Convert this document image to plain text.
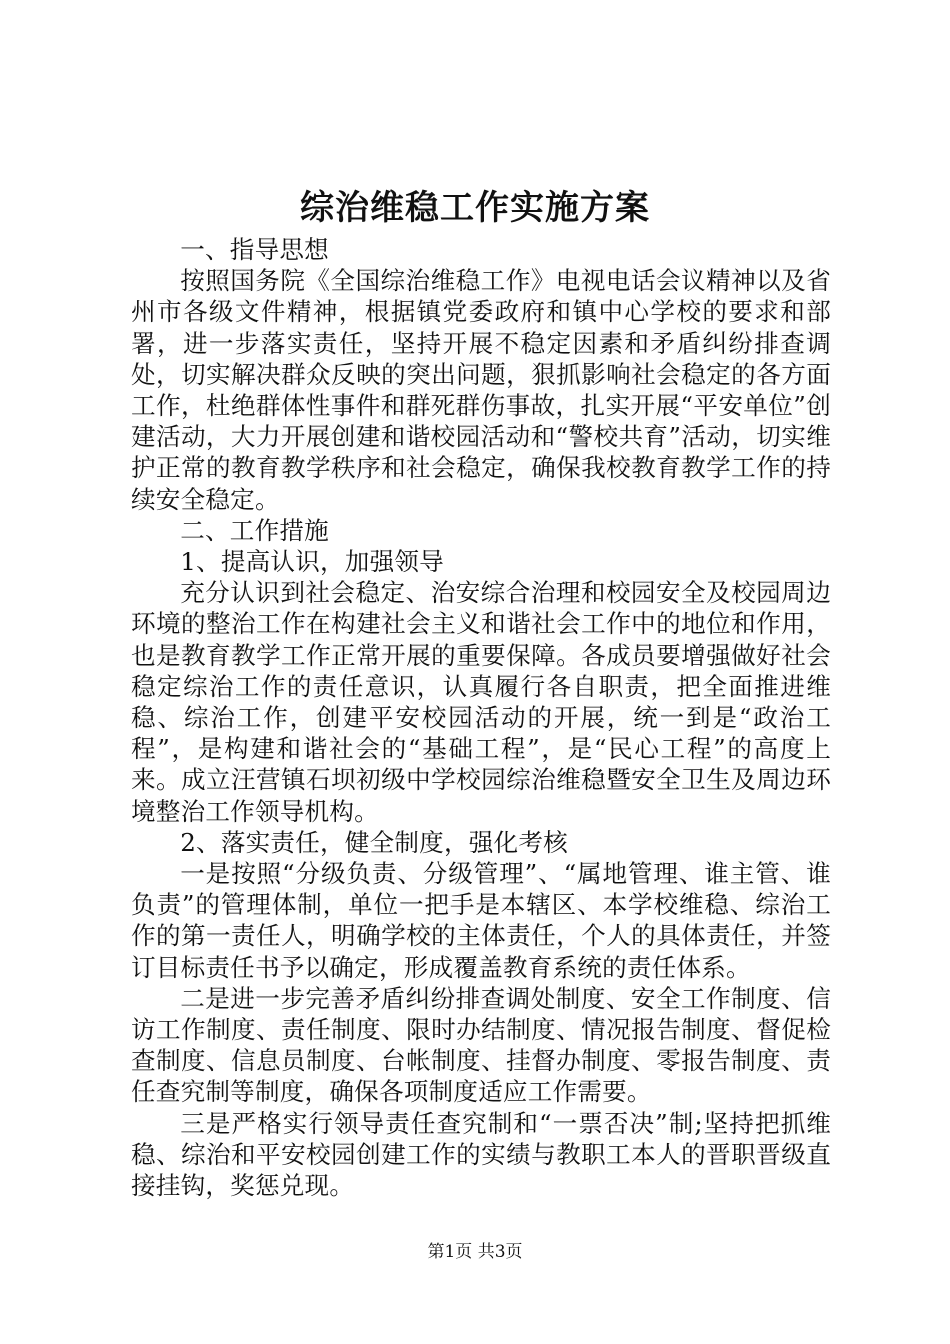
综治维稳工作实施方案

一、指导思想

按照国务院《全国综治维稳工作》电视电话会议精神以及省州市各级文件精神，根据镇党委政府和镇中心学校的要求和部署，进一步落实责任，坚持开展不稳定因素和矛盾纠纷排查调处，切实解决群众反映的突出问题，狠抓影响社会稳定的各方面工作，杜绝群体性事件和群死群伤事故，扎实开展“平安单位”创建活动，大力开展创建和谐校园活动和“警校共育”活动，切实维护正常的教育教学秩序和社会稳定，确保我校教育教学工作的持续安全稳定。

二、工作措施

1、提高认识，加强领导

充分认识到社会稳定、治安综合治理和校园安全及校园周边环境的整治工作在构建社会主义和谐社会工作中的地位和作用，也是教育教学工作正常开展的重要保障。各成员要增强做好社会稳定综治工作的责任意识，认真履行各自职责，把全面推进维稳、综治工作，创建平安校园活动的开展，统一到是“政治工程”，是构建和谐社会的“基础工程”，是“民心工程”的高度上来。成立汪营镇石坝初级中学校园综治维稳暨安全卫生及周边环境整治工作领导机构。

2、落实责任，健全制度，强化考核

一是按照“分级负责、分级管理”、“属地管理、谁主管、谁负责”的管理体制，单位一把手是本辖区、本学校维稳、综治工作的第一责任人，明确学校的主体责任，个人的具体责任，并签订目标责任书予以确定，形成覆盖教育系统的责任体系。

二是进一步完善矛盾纠纷排查调处制度、安全工作制度、信访工作制度、责任制度、限时办结制度、情况报告制度、督促检查制度、信息员制度、台帐制度、挂督办制度、零报告制度、责任查究制等制度，确保各项制度适应工作需要。

三是严格实行领导责任查究制和“一票否决”制;坚持把抓维稳、综治和平安校园创建工作的实绩与教职工本人的晋职晋级直接挂钩，奖惩兑现。

第1页 共3页
